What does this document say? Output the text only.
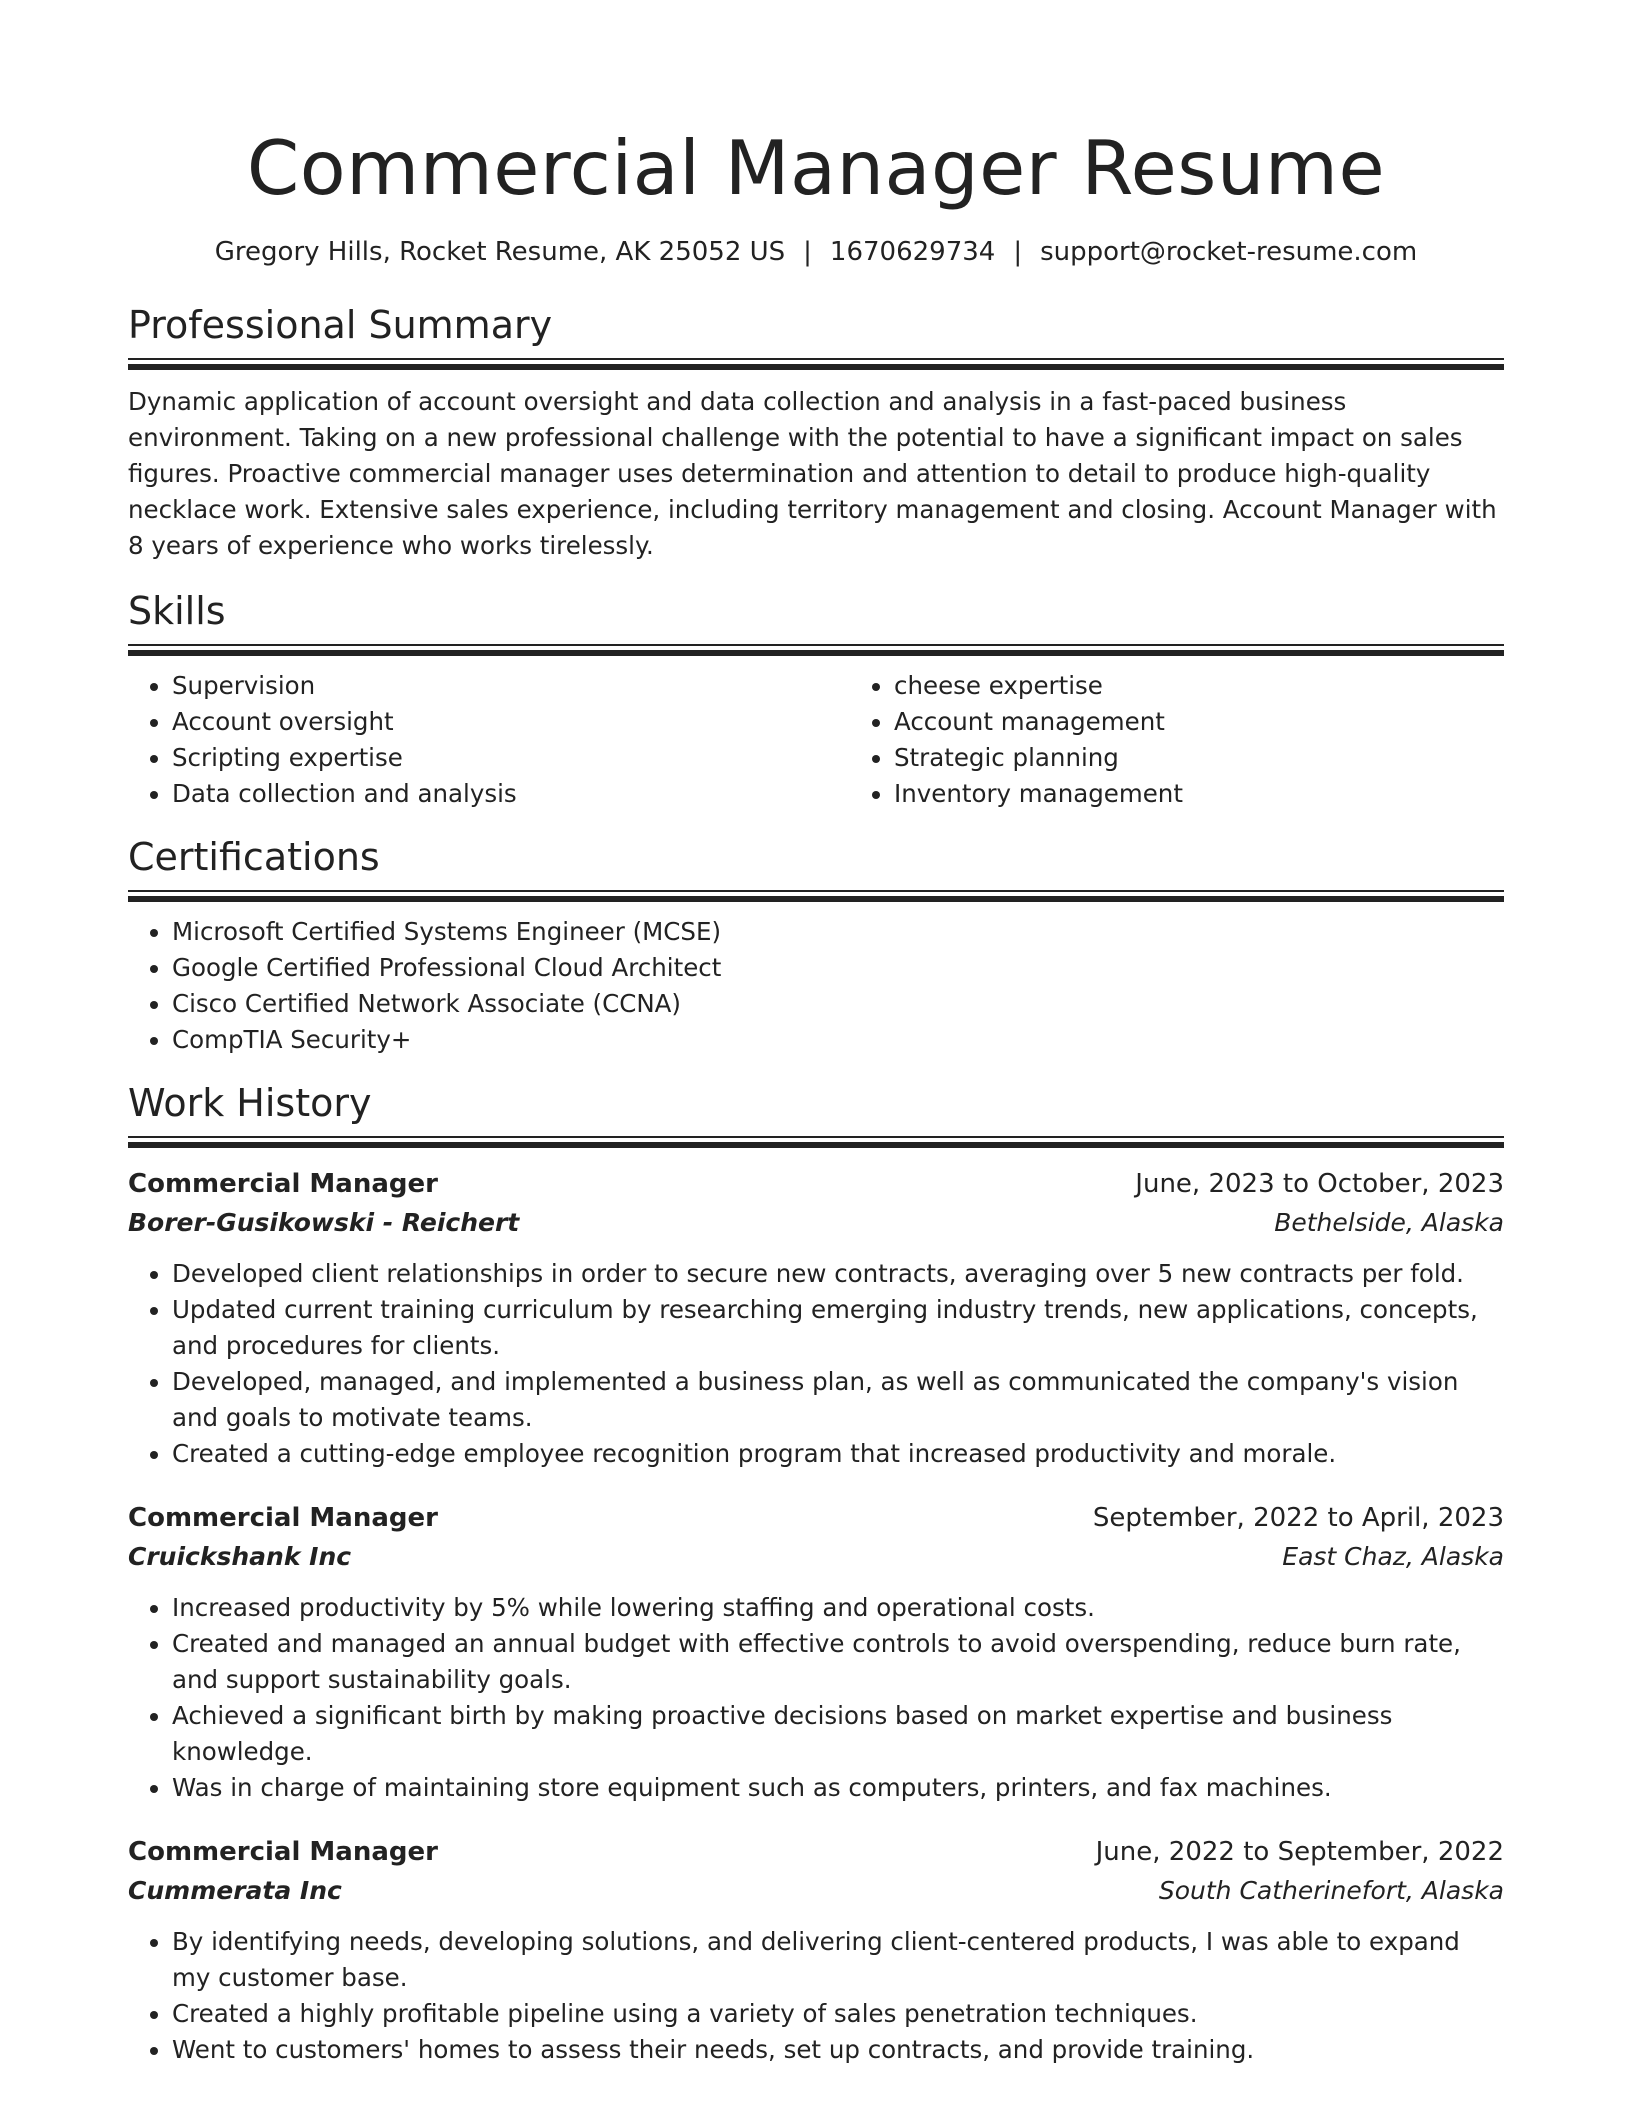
Commercial Manager Resume
Gregory Hills, Rocket Resume, AK 25052 US | 1670629734 | support@rocket-resume.com
Professional Summary

Dynamic application of account oversight and data collection and analysis in a fast-paced business environment. Taking on a new professional challenge with the potential to have a significant impact on sales figures. Proactive commercial manager uses determination and attention to detail to produce high-quality necklace work. Extensive sales experience, including territory management and closing. Account Manager with 8 years of experience who works tirelessly.

Skills
• Supervision
• Account oversight
• Scripting expertise
• Data collection and analysis
• cheese expertise
• Account management
• Strategic planning
• Inventory management
Certifications
• Microsoft Certified Systems Engineer (MCSE)
• Google Certified Professional Cloud Architect
• Cisco Certified Network Associate (CCNA)
• CompTIA Security+
Work History
Commercial Manager	June, 2023 to October, 2023
Borer-Gusikowski - Reichert	Bethelside, Alaska
• Developed client relationships in order to secure new contracts, averaging over 5 new contracts per fold.
• Updated current training curriculum by researching emerging industry trends, new applications, concepts, and procedures for clients.
• Developed, managed, and implemented a business plan, as well as communicated the company's vision and goals to motivate teams.
• Created a cutting-edge employee recognition program that increased productivity and morale.
Commercial Manager	September, 2022 to April, 2023
Cruickshank Inc	East Chaz, Alaska
• Increased productivity by 5% while lowering staffing and operational costs.
• Created and managed an annual budget with effective controls to avoid overspending, reduce burn rate, and support sustainability goals.
• Achieved a significant birth by making proactive decisions based on market expertise and business knowledge.
• Was in charge of maintaining store equipment such as computers, printers, and fax machines.
Commercial Manager	June, 2022 to September, 2022
Cummerata Inc	South Catherinefort, Alaska
• By identifying needs, developing solutions, and delivering client-centered products, I was able to expand my customer base.
• Created a highly profitable pipeline using a variety of sales penetration techniques.
• Went to customers' homes to assess their needs, set up contracts, and provide training.
